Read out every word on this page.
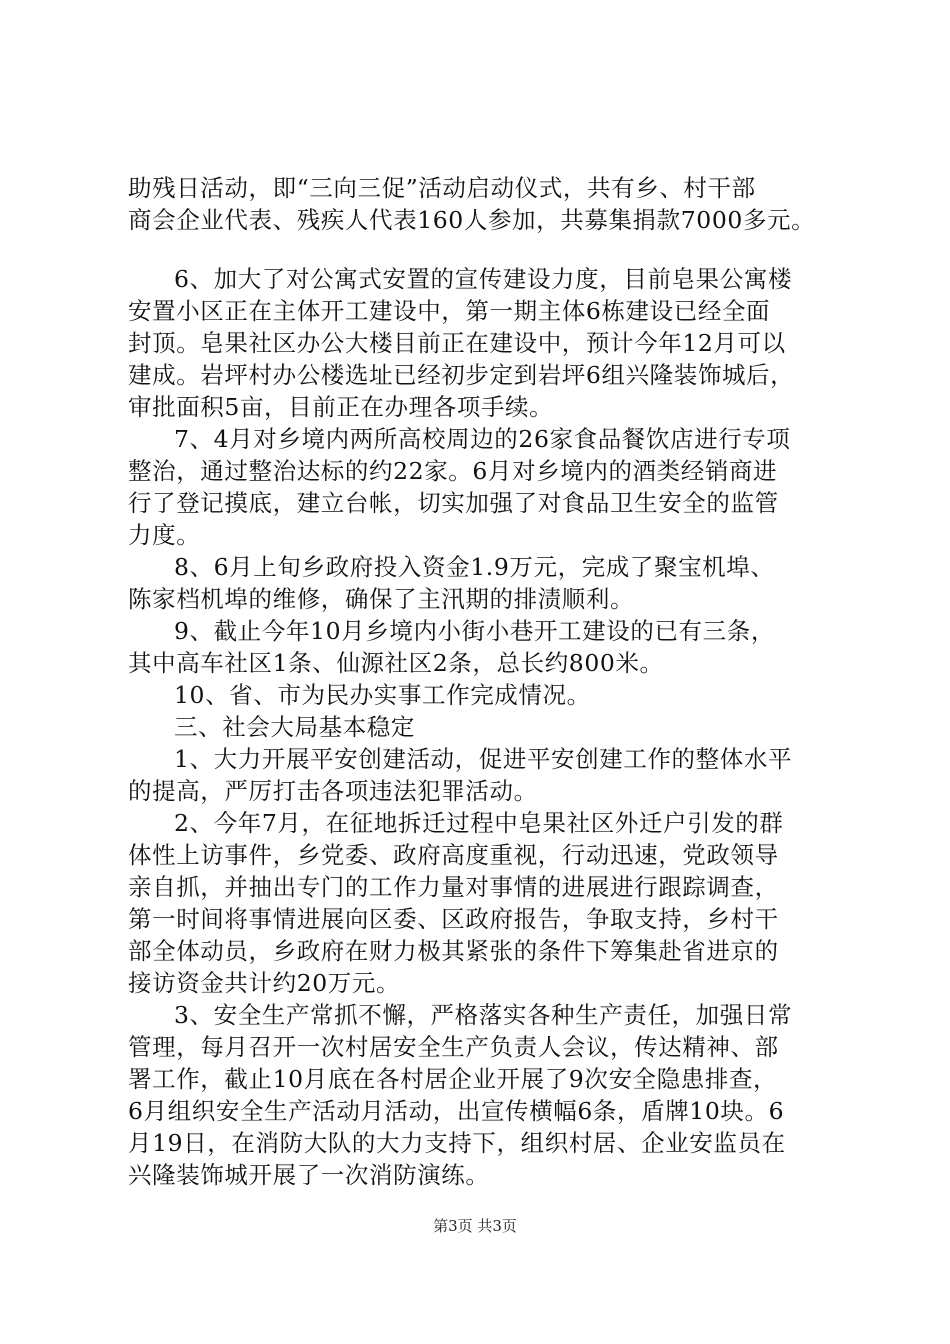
助残日活动，即“三向三促”活动启动仪式，共有乡、村干部
商会企业代表、残疾人代表160人参加，共募集捐款7000多元。
6、加大了对公寓式安置的宣传建设力度，目前皂果公寓楼
安置小区正在主体开工建设中，第一期主体6栋建设已经全面
封顶。皂果社区办公大楼目前正在建设中，预计今年12月可以
建成。岩坪村办公楼选址已经初步定到岩坪6组兴隆装饰城后，
审批面积5亩，目前正在办理各项手续。
7、4月对乡境内两所高校周边的26家食品餐饮店进行专项
整治，通过整治达标的约22家。6月对乡境内的酒类经销商进
行了登记摸底，建立台帐，切实加强了对食品卫生安全的监管
力度。
8、6月上旬乡政府投入资金1.9万元，完成了聚宝机埠、
陈家档机埠的维修，确保了主汛期的排渍顺利。
9、截止今年10月乡境内小街小巷开工建设的已有三条，
其中高车社区1条、仙源社区2条，总长约800米。
10、省、市为民办实事工作完成情况。
三、社会大局基本稳定
1、大力开展平安创建活动，促进平安创建工作的整体水平
的提高，严厉打击各项违法犯罪活动。
2、今年7月，在征地拆迁过程中皂果社区外迁户引发的群
体性上访事件，乡党委、政府高度重视，行动迅速，党政领导
亲自抓，并抽出专门的工作力量对事情的进展进行跟踪调查，
第一时间将事情进展向区委、区政府报告，争取支持，乡村干
部全体动员，乡政府在财力极其紧张的条件下筹集赴省进京的
接访资金共计约20万元。
3、安全生产常抓不懈，严格落实各种生产责任，加强日常
管理，每月召开一次村居安全生产负责人会议，传达精神、部
署工作，截止10月底在各村居企业开展了9次安全隐患排查，
6月组织安全生产活动月活动，出宣传横幅6条，盾牌10块。6
月19日，在消防大队的大力支持下，组织村居、企业安监员在
兴隆装饰城开展了一次消防演练。
第3页 共3页
